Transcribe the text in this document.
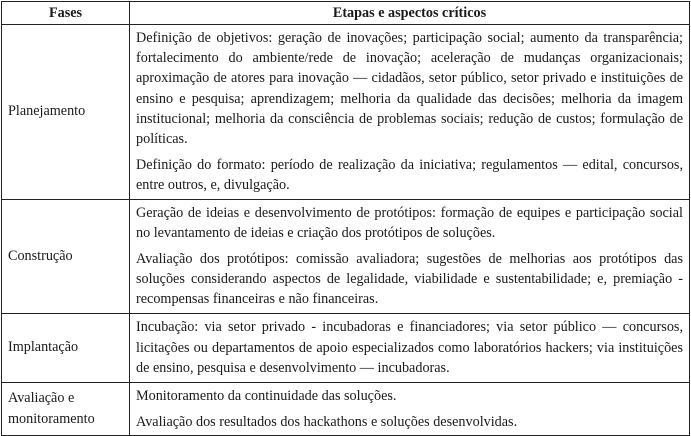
Fases	Etapas e aspectos críticos
Planejamento	Definição de objetivos: geração de inovações; participação social; aumento da transparência; fortalecimento do ambiente/rede de inovação; aceleração de mudanças organizacionais; aproximação de atores para inovação — cidadãos, setor público, setor privado e instituições de ensino e pesquisa; aprendizagem; melhoria da qualidade das decisões; melhoria da imagem institucional; melhoria da consciência de problemas sociais; redução de custos; formulação de políticas.

Definição do formato: período de realização da iniciativa; regulamentos — edital, concursos, entre outros, e, divulgação.

Construção	Geração de ideias e desenvolvimento de protótipos: formação de equipes e participação social no levantamento de ideias e criação dos protótipos de soluções.

Avaliação dos protótipos: comissão avaliadora; sugestões de melhorias aos protótipos das soluções considerando aspectos de legalidade, viabilidade e sustentabilidade; e, premiação - recompensas financeiras e não financeiras.

Implantação	Incubação: via setor privado - incubadoras e financiadores; via setor público — concursos, licitações ou departamentos de apoio especializados como laboratórios hackers; via instituições de ensino, pesquisa e desenvolvimento — incubadoras.

Avaliação e monitoramento	Monitoramento da continuidade das soluções.

Avaliação dos resultados dos hackathons e soluções desenvolvidas.
